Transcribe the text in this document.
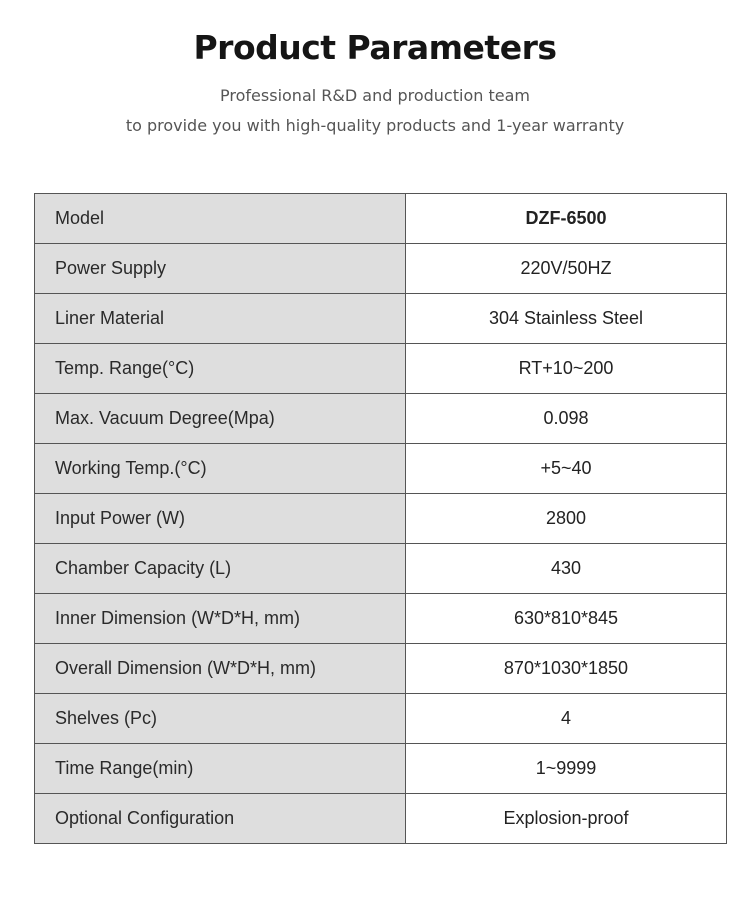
Product Parameters
Professional R&D and production team
to provide you with high-quality products and 1-year warranty
Model	DZF-6500
Power Supply	220V/50HZ
Liner Material	304 Stainless Steel
Temp. Range(°C)	RT+10~200
Max. Vacuum Degree(Mpa)	0.098
Working Temp.(°C)	+5~40
Input Power (W)	2800
Chamber Capacity (L)	430
Inner Dimension (W*D*H, mm)	630*810*845
Overall Dimension (W*D*H, mm)	870*1030*1850
Shelves (Pc)	4
Time Range(min)	1~9999
Optional Configuration	Explosion-proof
